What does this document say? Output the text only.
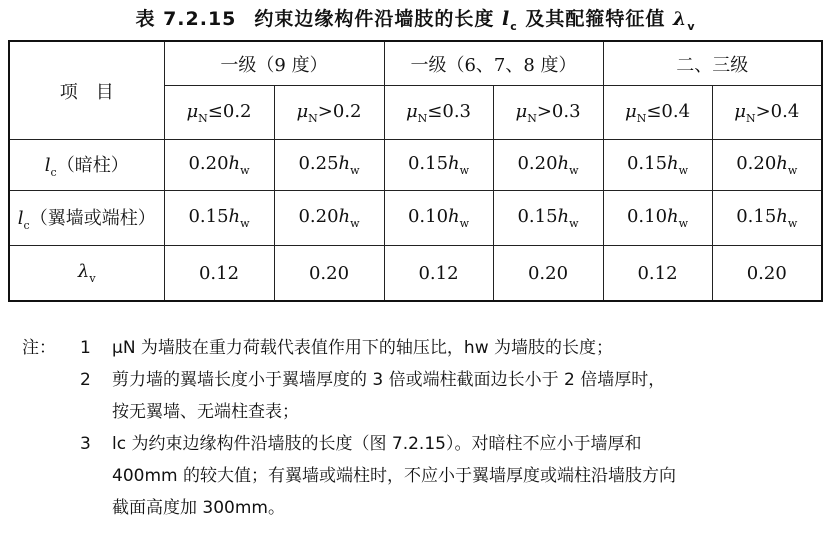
表 7.2.15 约束边缘构件沿墙肢的长度 $l_c$ 及其配箍特征值 $\lambda_v$
项　目	一级（9 度）		一级（6、7、8 度）		二、三级	
	$\mu_N\le 0.2$	$\mu_N>0.2$	$\mu_N\le 0.3$	$\mu_N>0.3$	$\mu_N\le 0.4$	$\mu_N>0.4$
$l_c$（暗柱）	$0.20h_w$	$0.25h_w$	$0.15h_w$	$0.20h_w$	$0.15h_w$	$0.20h_w$
$l_c$（翼墙或端柱）	$0.15h_w$	$0.20h_w$	$0.10h_w$	$0.15h_w$	$0.10h_w$	$0.15h_w$
$\lambda_v$	0.12	0.20	0.12	0.20	0.12	0.20
注：	1	μN 为墙肢在重力荷载代表值作用下的轴压比，hw 为墙肢的长度；
2	剪力墙的翼墙长度小于翼墙厚度的 3 倍或端柱截面边长小于 2 倍墙厚时，
按无翼墙、无端柱查表；
3	lc 为约束边缘构件沿墙肢的长度（图 7.2.15）。对暗柱不应小于墙厚和
400mm 的较大值；有翼墙或端柱时，不应小于翼墙厚度或端柱沿墙肢方向
截面高度加 300mm。
